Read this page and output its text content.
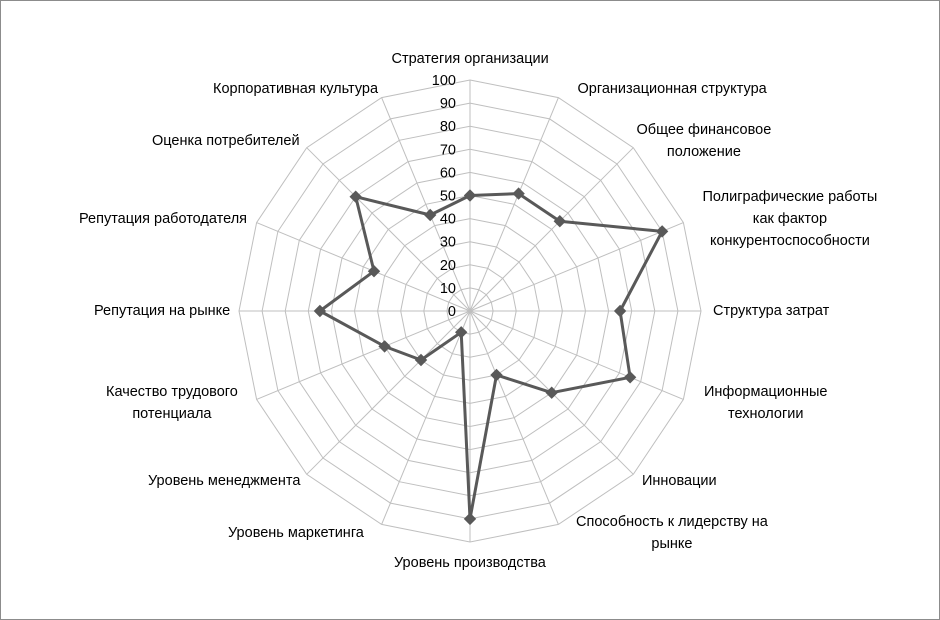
0
10
20
30
40
50
60
70
80
90
100
Стратегия организации
Организационная структура
Общее финансовое
положение
Полиграфические работы
как фактор
конкурентоспособности
Структура затрат
Информационные
технологии
Инновации
Способность к лидерству на
рынке
Уровень производства
Уровень маркетинга
Уровень менеджмента
Качество трудового
потенциала
Репутация на рынке
Репутация работодателя
Оценка потребителей
Корпоративная культура
